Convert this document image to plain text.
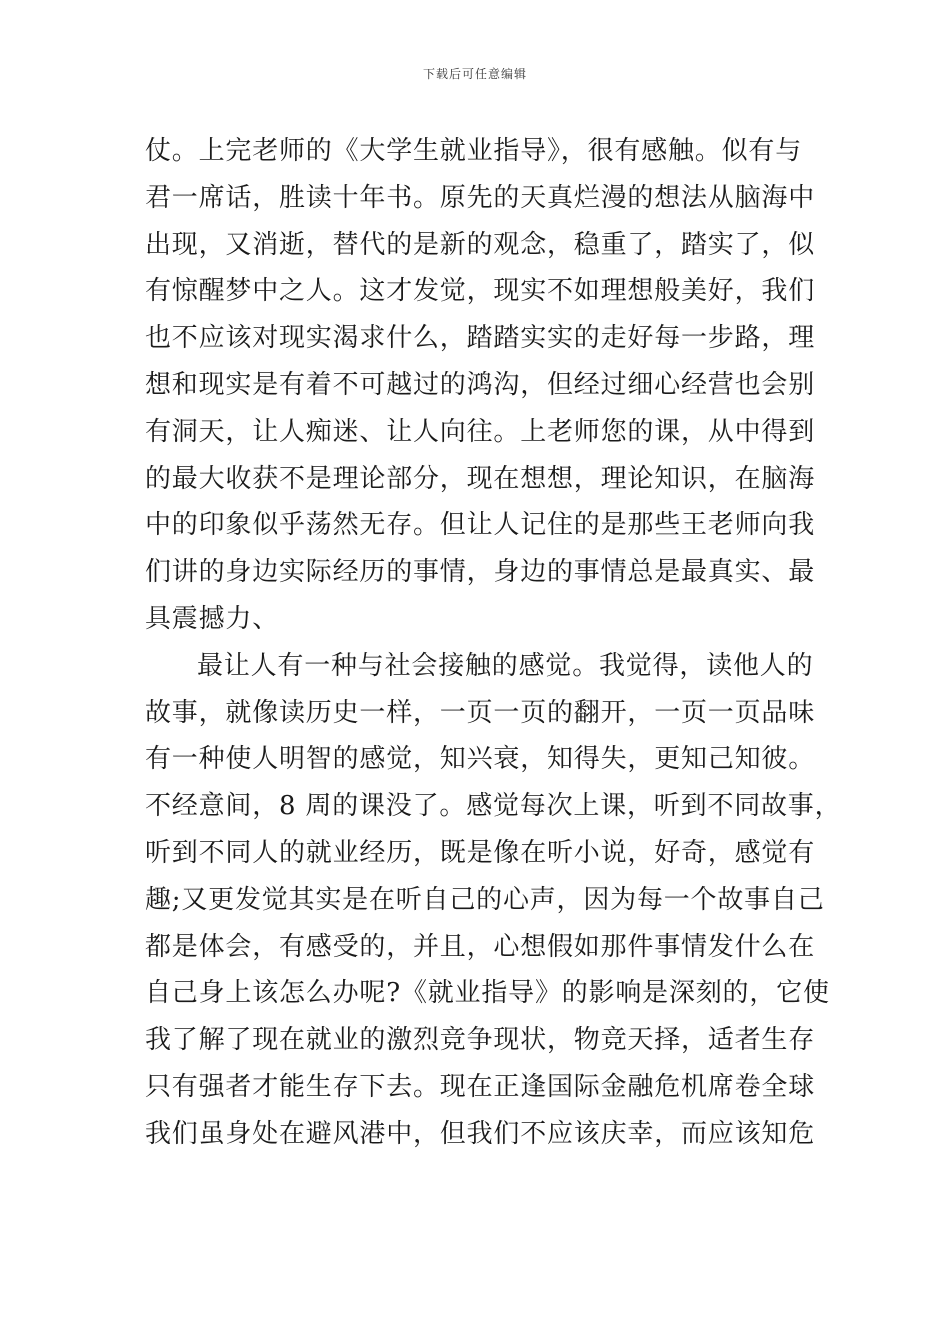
下载后可任意编辑
仗。上完老师的《大学生就业指导》，很有感触。似有与
君一席话，胜读十年书。原先的天真烂漫的想法从脑海中
出现，又消逝，替代的是新的观念，稳重了，踏实了，似
有惊醒梦中之人。这才发觉，现实不如理想般美好，我们
也不应该对现实渴求什么，踏踏实实的走好每一步路，理
想和现实是有着不可越过的鸿沟，但经过细心经营也会别
有洞天，让人痴迷、让人向往。上老师您的课，从中得到
的最大收获不是理论部分，现在想想，理论知识，在脑海
中的印象似乎荡然无存。但让人记住的是那些王老师向我
们讲的身边实际经历的事情，身边的事情总是最真实、最
具震撼力、
最让人有一种与社会接触的感觉。我觉得，读他人的
故事，就像读历史一样，一页一页的翻开，一页一页品味
有一种使人明智的感觉，知兴衰，知得失，更知己知彼。
不经意间，8 周的课没了。感觉每次上课，听到不同故事，
听到不同人的就业经历，既是像在听小说，好奇，感觉有
趣;又更发觉其实是在听自己的心声，因为每一个故事自己
都是体会，有感受的，并且，心想假如那件事情发什么在
自己身上该怎么办呢?《就业指导》的影响是深刻的，它使
我了解了现在就业的激烈竞争现状，物竞天择，适者生存
只有强者才能生存下去。现在正逢国际金融危机席卷全球
我们虽身处在避风港中，但我们不应该庆幸，而应该知危
